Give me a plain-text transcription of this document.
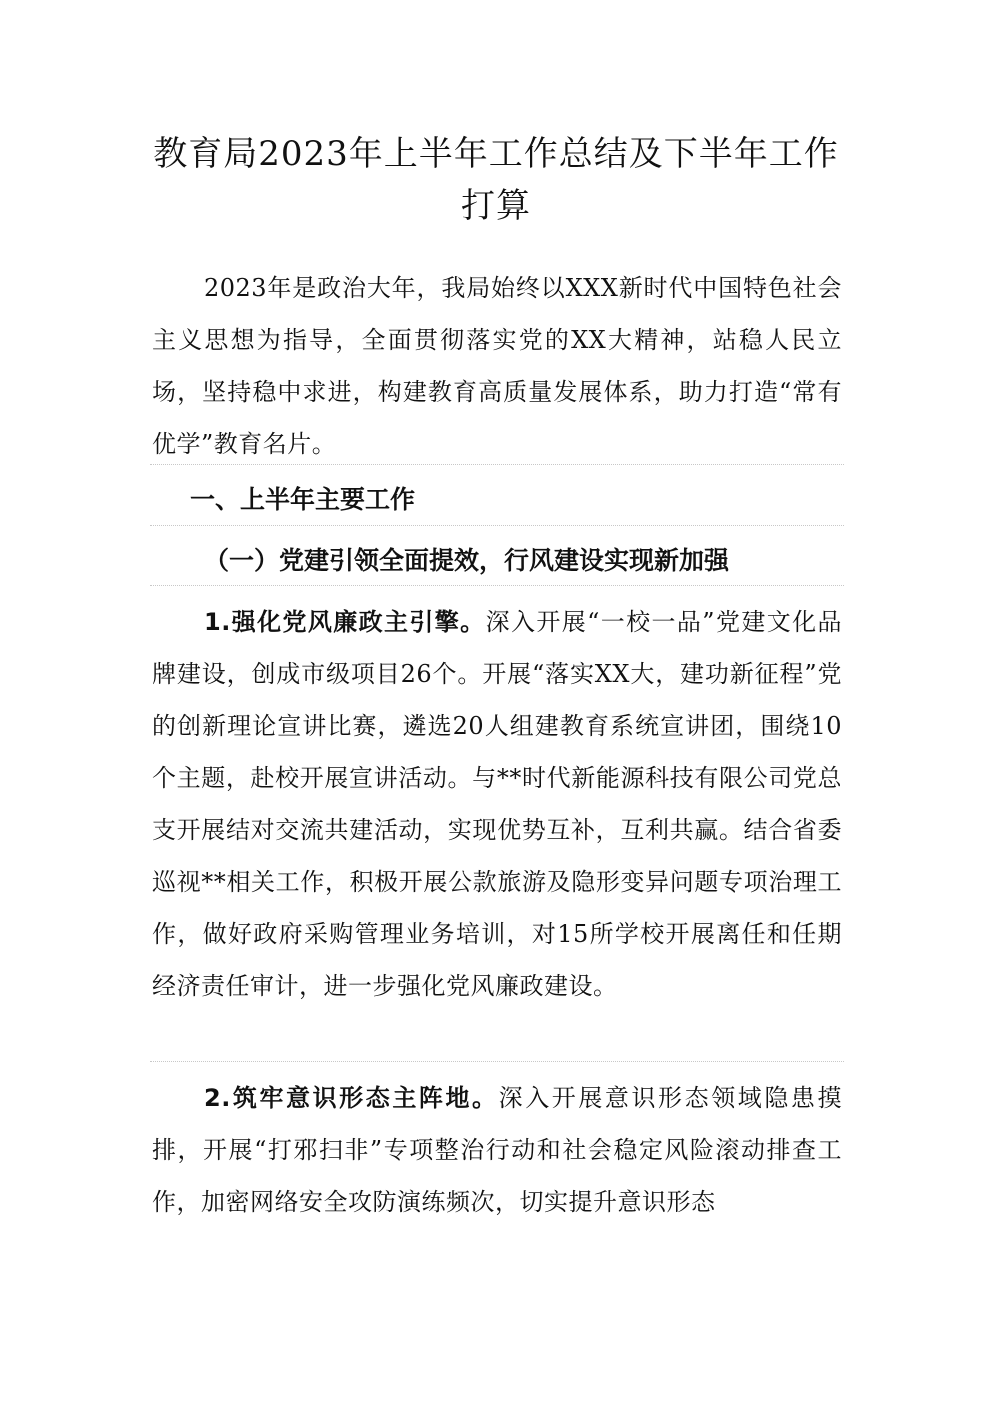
教育局2023年上半年工作总结及下半年工作打算

2023年是政治大年，我局始终以XXX新时代中国特色社会主义思想为指导，全面贯彻落实党的XX大精神，站稳人民立场，坚持稳中求进，构建教育高质量发展体系，助力打造“常有优学”教育名片。

一、上半年主要工作
（一）党建引领全面提效，行风建设实现新加强

1.强化党风廉政主引擎。深入开展“一校一品”党建文化品牌建设，创成市级项目26个。开展“落实XX大，建功新征程”党的创新理论宣讲比赛，遴选20人组建教育系统宣讲团，围绕10个主题，赴校开展宣讲活动。与**时代新能源科技有限公司党总支开展结对交流共建活动，实现优势互补，互利共赢。结合省委巡视**相关工作，积极开展公款旅游及隐形变异问题专项治理工作，做好政府采购管理业务培训，对15所学校开展离任和任期经济责任审计，进一步强化党风廉政建设。

2.筑牢意识形态主阵地。深入开展意识形态领域隐患摸排，开展“打邪扫非”专项整治行动和社会稳定风险滚动排查工作，加密网络安全攻防演练频次，切实提升意识形态
